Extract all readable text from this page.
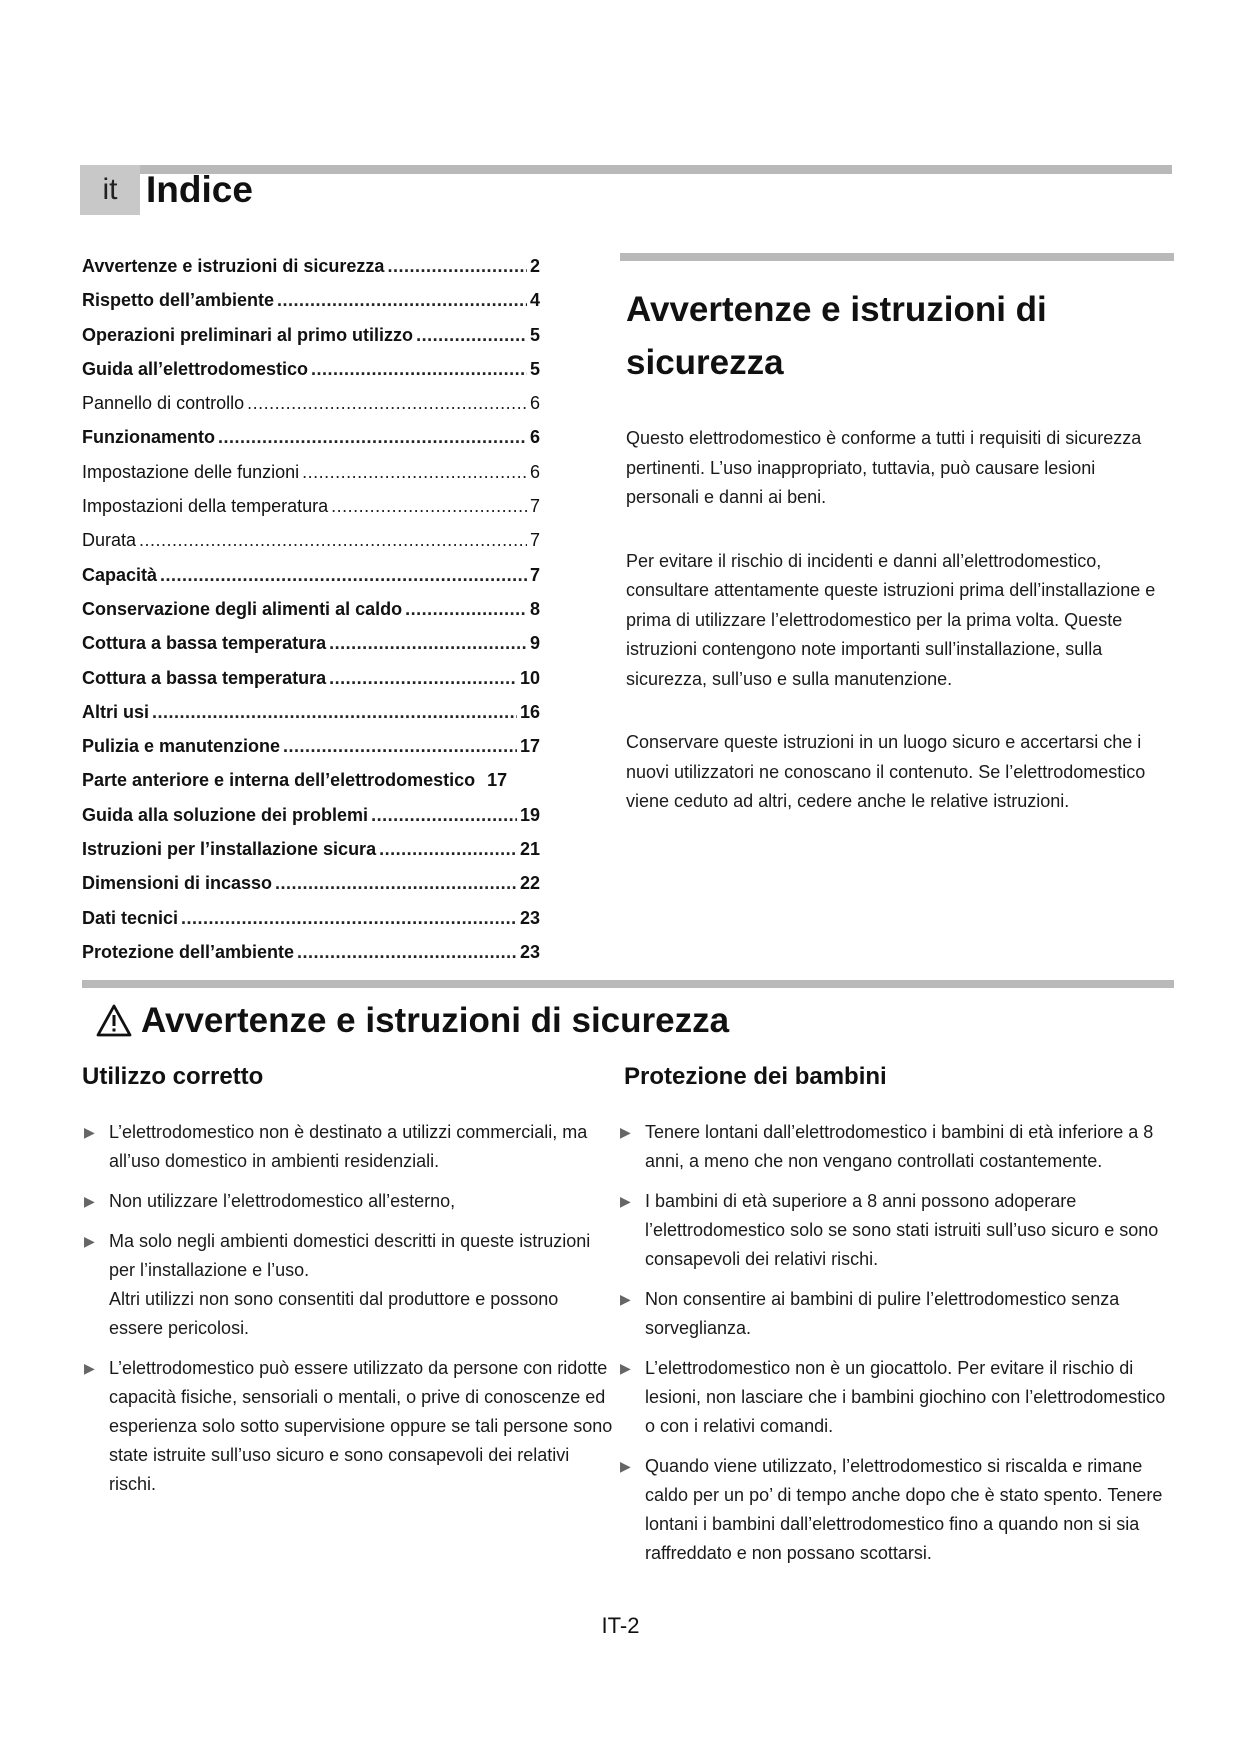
it Indice
Avvertenze e istruzioni di sicurezza .....	2
Rispetto dell’ambiente .....	4
Operazioni preliminari al primo utilizzo .....	5
Guida all’elettrodomestico .....	5
Pannello di controllo .....	6
Funzionamento .....	6
Impostazione delle funzioni .....	6
Impostazioni della temperatura .....	7
Durata .....	7
Capacità .....	7
Conservazione degli alimenti al caldo .....	8
Cottura a bassa temperatura .....	9
Cottura a bassa temperatura .....	10
Altri usi .....	16
Pulizia e manutenzione .....	17
Parte anteriore e interna dell’elettrodomestico 17
Guida alla soluzione dei problemi .....	19
Istruzioni per l’installazione sicura .....	21
Dimensioni di incasso .....	22
Dati tecnici .....	23
Protezione dell’ambiente .....	23
Avvertenze e istruzioni di sicurezza

Questo elettrodomestico è conforme a tutti i requisiti di sicurezza pertinenti. L’uso inappropriato, tuttavia, può causare lesioni personali e danni ai beni.

Per evitare il rischio di incidenti e danni all’elettrodomestico, consultare attentamente queste istruzioni prima dell’installazione e prima di utilizzare l’elettrodomestico per la prima volta. Queste istruzioni contengono note importanti sull’installazione, sulla sicurezza, sull’uso e sulla manutenzione.

Conservare queste istruzioni in un luogo sicuro e accertarsi che i nuovi utilizzatori ne conoscano il contenuto. Se l’elettrodomestico viene ceduto ad altri, cedere anche le relative istruzioni.

Avvertenze e istruzioni di sicurezza
Utilizzo corretto	Protezione dei bambini
▶ L’elettrodomestico non è destinato a utilizzi commerciali, ma all’uso domestico in ambienti residenziali.
▶ Non utilizzare l’elettrodomestico all’esterno,
▶ Ma solo negli ambienti domestici descritti in queste istruzioni per l’installazione e l’uso.
Altri utilizzi non sono consentiti dal produttore e possono essere pericolosi.
▶ L’elettrodomestico può essere utilizzato da persone con ridotte capacità fisiche, sensoriali o mentali, o prive di conoscenze ed esperienza solo sotto supervisione oppure se tali persone sono state istruite sull’uso sicuro e sono consapevoli dei relativi rischi.
▶ Tenere lontani dall’elettrodomestico i bambini di età inferiore a 8 anni, a meno che non vengano controllati costantemente.
▶ I bambini di età superiore a 8 anni possono adoperare l’elettrodomestico solo se sono stati istruiti sull’uso sicuro e sono consapevoli dei relativi rischi.
▶ Non consentire ai bambini di pulire l’elettrodomestico senza sorveglianza.
▶ L’elettrodomestico non è un giocattolo. Per evitare il rischio di lesioni, non lasciare che i bambini giochino con l’elettrodomestico o con i relativi comandi.
▶ Quando viene utilizzato, l’elettrodomestico si riscalda e rimane caldo per un po’ di tempo anche dopo che è stato spento. Tenere lontani i bambini dall’elettrodomestico fino a quando non si sia raffreddato e non possano scottarsi.
IT-2
